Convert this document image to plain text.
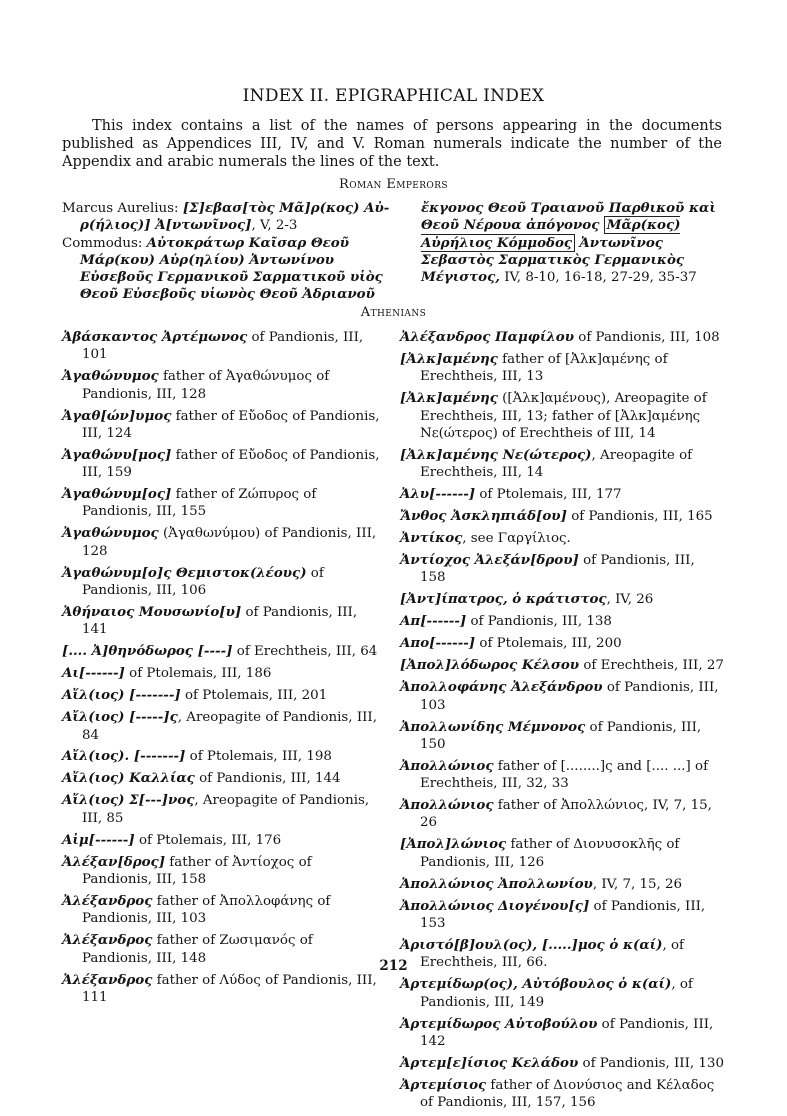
INDEX II. EPIGRAPHICAL INDEX
This index contains a list of the names of persons appearing in the documents published as Appendices III, IV, and V. Roman numerals indicate the number of the Appendix and arabic numerals the lines of the text.
Roman Emperors
Marcus Aurelius: [Σ]εβασ[τὸς Μᾶ]ρ(κος) Αὐ-ρ(ήλιος)] Ἀ[ντωνῖνος], V, 2-3
Commodus: Αὐτοκράτωρ Καῖσαρ Θεοῦ Μάρ(κου) Αὐρ(ηλίου) Ἀντωνίνου Εὐσεβοῦς Γερμανικοῦ Σαρματικοῦ υἱὸς Θεοῦ Εὐσεβοῦς υἱωνὸς Θεοῦ Ἀδριανοῦ
ἔκγονος Θεοῦ Τραιανοῦ Παρθικοῦ καὶ Θεοῦ Νέρουα ἀπόγονος Μᾶρ(κος) Αὐρήλιος Κόμμοδος Ἀντωνῖνος Σεβαστὸς Σαρματικὸς Γερμανικὸς Μέγιστος, IV, 8-10, 16-18, 27-29, 35-37
Athenians
Ἀβάσκαντος Ἀρτέμωνος of Pandionis, III, 101
Ἀγαθώνυμος father of Ἀγαθώνυμος of Pandionis, III, 128
Ἀγαθ[ών]υμος father of Εὔοδος of Pandionis, III, 124
Ἀγαθώνυ[μος] father of Εὔοδος of Pandionis, III, 159
Ἀγαθώνυμ[ος] father of Ζώπυρος of Pandionis, III, 155
Ἀγαθώνυμος (Ἀγαθωνύμου) of Pandionis, III, 128
Ἀγαθώνυμ[ο]ς Θεμιστοκ(λέους) of Pandionis, III, 106
Ἀθήναιος Μουσωνίο[υ] of Pandionis, III, 141
[.... Ἀ]θηνόδωρος [----] of Erechtheis, III, 64
Αι[------] of Ptolemais, III, 186
Αἴλ(ιος) [-------] of Ptolemais, III, 201
Αἴλ(ιος) [-----]ς, Areopagite of Pandionis, III, 84
Αἴλ(ιος). [-------] of Ptolemais, III, 198
Αἴλ(ιος) Καλλίας of Pandionis, III, 144
Αἴλ(ιος) Σ[---]νος, Areopagite of Pandionis, III, 85
Αἰμ[------] of Ptolemais, III, 176
Ἀλέξαν[δρος] father of Ἀντίοχος of Pandionis, III, 158
Ἀλέξανδρος father of Ἀπολλοφάνης of Pandionis, III, 103
Ἀλέξανδρος father of Ζωσιμανός of Pandionis, III, 148
Ἀλέξανδρος father of Λύδος of Pandionis, III, 111
Ἀλέξανδρος Παμφίλου of Pandionis, III, 108
[Ἀλκ]αμένης father of [Ἀλκ]αμένης of Erechtheis, III, 13
[Ἀλκ]αμένης ([Ἀλκ]αμένους), Areopagite of Erechtheis, III, 13; father of [Ἀλκ]αμένης Νε(ώτερος) of Erechtheis of III, 14
[Ἀλκ]αμένης Νε(ώτερος), Areopagite of Erechtheis, III, 14
Ἀλυ[------] of Ptolemais, III, 177
Ἄνθος Ἀσκληπιάδ[ου] of Pandionis, III, 165
Ἀντίκος, see Γαργίλιος.
Ἀντίοχος Ἀλεξάν[δρου] of Pandionis, III, 158
[Ἀντ]ίπατρος, ὁ κράτιστος, IV, 26
Απ[------] of Pandionis, III, 138
Απο[------] of Ptolemais, III, 200
[Ἀπολ]λόδωρος Κέλσου of Erechtheis, III, 27
Ἀπολλοφάνης Ἀλεξάνδρου of Pandionis, III, 103
Ἀπολλωνίδης Μέμνονος of Pandionis, III, 150
Ἀπολλώνιος father of [........]ς and [.... ...] of Erechtheis, III, 32, 33
Ἀπολλώνιος father of Ἀπολλώνιος, IV, 7, 15, 26
[Ἀπολ]λώνιος father of Διονυσοκλῆς of Pandionis, III, 126
Ἀπολλώνιος Ἀπολλωνίου, IV, 7, 15, 26
Ἀπολλώνιος Διογένου[ς] of Pandionis, III, 153
Ἀριστό[β]ουλ(ος), [.....]μος ὁ κ(αί), of Erechtheis, III, 66.
Ἀρτεμίδωρ(ος), Αὐτόβουλος ὁ κ(αί), of Pandionis, III, 149
Ἀρτεμίδωρος Αὐτοβούλου of Pandionis, III, 142
Ἀρτεμ[ε]ίσιος Κελάδου of Pandionis, III, 130
Ἀρτεμίσιος father of Διονύσιος and Κέλαδος of Pandionis, III, 157, 156
212
